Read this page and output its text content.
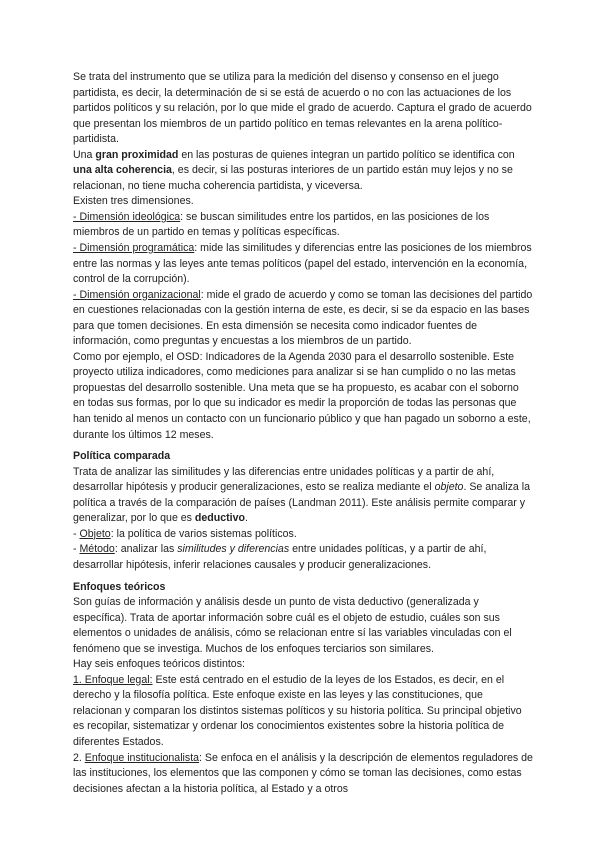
Se trata del instrumento que se utiliza para la medición del disenso y consenso en el juego partidista, es decir, la determinación de si se está de acuerdo o no con las actuaciones de los partidos políticos y su relación, por lo que mide el grado de acuerdo. Captura el grado de acuerdo que presentan los miembros de un partido político en temas relevantes en la arena político-partidista.

Una gran proximidad en las posturas de quienes integran un partido político se identifica con una alta coherencia, es decir, si las posturas interiores de un partido están muy lejos y no se relacionan, no tiene mucha coherencia partidista, y viceversa.

Existen tres dimensiones.

- Dimensión ideológica: se buscan similitudes entre los partidos, en las posiciones de los miembros de un partido en temas y políticas específicas.

- Dimensión programática: mide las similitudes y diferencias entre las posiciones de los miembros entre las normas y las leyes ante temas políticos (papel del estado, intervención en la economía, control de la corrupción).

- Dimensión organizacional: mide el grado de acuerdo y como se toman las decisiones del partido en cuestiones relacionadas con la gestión interna de este, es decir, si se da espacio en las bases para que tomen decisiones. En esta dimensión se necesita como indicador fuentes de información, como preguntas y encuestas a los miembros de un partido.

Como por ejemplo, el OSD: Indicadores de la Agenda 2030 para el desarrollo sostenible. Este proyecto utiliza indicadores, como mediciones para analizar si se han cumplido o no las metas propuestas del desarrollo sostenible. Una meta que se ha propuesto, es acabar con el soborno en todas sus formas, por lo que su indicador es medir la proporción de todas las personas que han tenido al menos un contacto con un funcionario público y que han pagado un soborno a este, durante los últimos 12 meses.

Política comparada

Trata de analizar las similitudes y las diferencias entre unidades políticas y a partir de ahí, desarrollar hipótesis y producir generalizaciones, esto se realiza mediante el objeto. Se analiza la política a través de la comparación de países (Landman 2011). Este análisis permite comparar y generalizar, por lo que es deductivo.

- Objeto: la política de varios sistemas políticos.

- Método: analizar las similitudes y diferencias entre unidades políticas, y a partir de ahí, desarrollar hipótesis, inferir relaciones causales y producir generalizaciones.

Enfoques teóricos

Son guías de información y análisis desde un punto de vista deductivo (generalizada y específica). Trata de aportar información sobre cuál es el objeto de estudio, cuáles son sus elementos o unidades de análisis, cómo se relacionan entre sí las variables vinculadas con el fenómeno que se investiga. Muchos de los enfoques terciarios son similares.

Hay seis enfoques teóricos distintos:

1. Enfoque legal: Este está centrado en el estudio de la leyes de los Estados, es decir, en el derecho y la filosofía política. Este enfoque existe en las leyes y las constituciones, que relacionan y comparan los distintos sistemas políticos y su historia política. Su principal objetivo es recopilar, sistematizar y ordenar los conocimientos existentes sobre la historia política de diferentes Estados.

2. Enfoque institucionalista: Se enfoca en el análisis y la descripción de elementos reguladores de las instituciones, los elementos que las componen y cómo se toman las decisiones, como estas decisiones afectan a la historia política, al Estado y a otros
